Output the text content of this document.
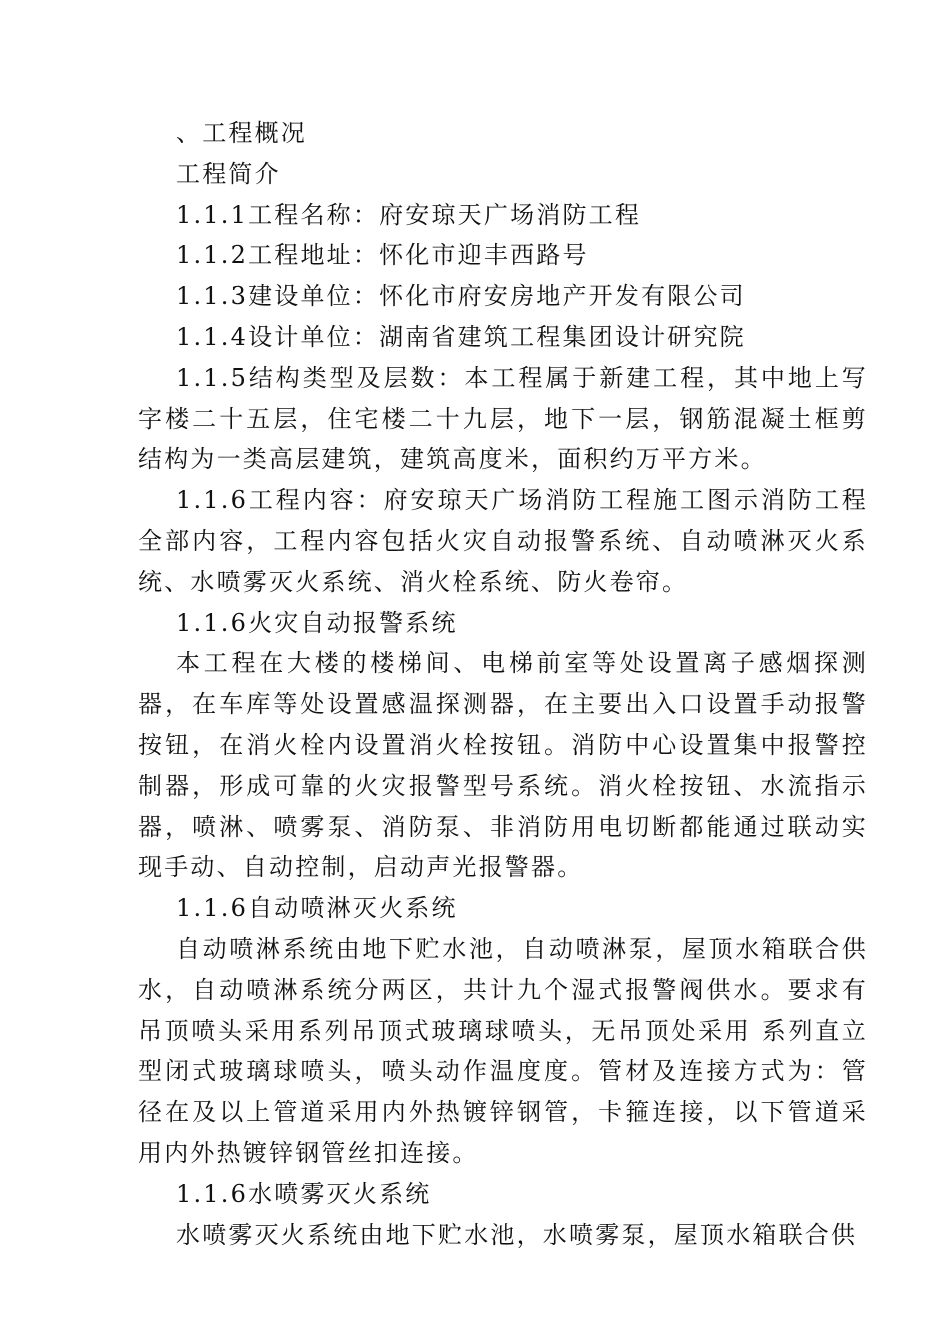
、工程概况
工程简介
1.1.1工程名称：府安琼天广场消防工程
1.1.2工程地址：怀化市迎丰西路号
1.1.3建设单位：怀化市府安房地产开发有限公司
1.1.4设计单位：湖南省建筑工程集团设计研究院
1.1.5结构类型及层数：本工程属于新建工程，其中地上写字楼二十五层，住宅楼二十九层，地下一层，钢筋混凝土框剪结构为一类高层建筑，建筑高度米，面积约万平方米。
1.1.6工程内容：府安琼天广场消防工程施工图示消防工程全部内容，工程内容包括火灾自动报警系统、自动喷淋灭火系统、水喷雾灭火系统、消火栓系统、防火卷帘。
1.1.6火灾自动报警系统
本工程在大楼的楼梯间、电梯前室等处设置离子感烟探测器，在车库等处设置感温探测器，在主要出入口设置手动报警按钮，在消火栓内设置消火栓按钮。消防中心设置集中报警控制器，形成可靠的火灾报警型号系统。消火栓按钮、水流指示器，喷淋、喷雾泵、消防泵、非消防用电切断都能通过联动实现手动、自动控制，启动声光报警器。
1.1.6自动喷淋灭火系统
自动喷淋系统由地下贮水池，自动喷淋泵，屋顶水箱联合供水，自动喷淋系统分两区，共计九个湿式报警阀供水。要求有吊顶喷头采用系列吊顶式玻璃球喷头，无吊顶处采用 系列直立型闭式玻璃球喷头，喷头动作温度度。管材及连接方式为：管径在及以上管道采用内外热镀锌钢管，卡箍连接，以下管道采用内外热镀锌钢管丝扣连接。
1.1.6水喷雾灭火系统
水喷雾灭火系统由地下贮水池，水喷雾泵，屋顶水箱联合供
